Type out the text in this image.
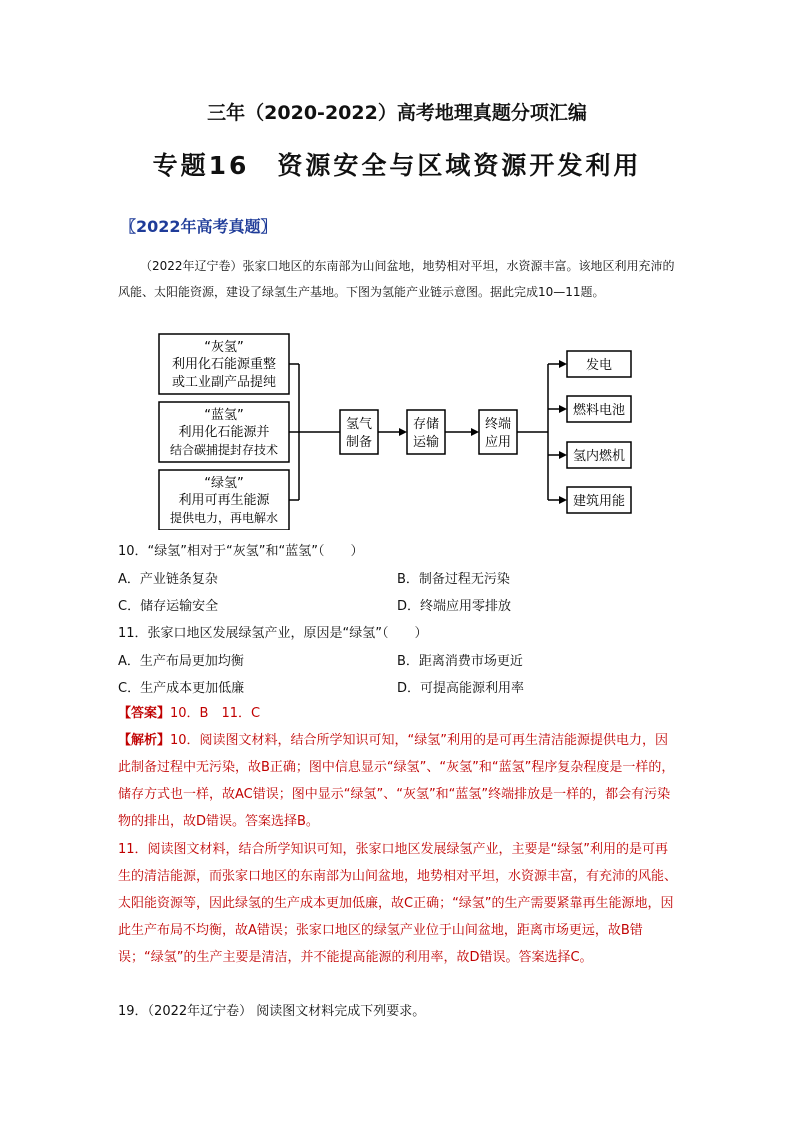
三年（2020-2022）高考地理真题分项汇编
专题16　资源安全与区域资源开发利用
〖2022年高考真题〗
（2022年辽宁卷）张家口地区的东南部为山间盆地，地势相对平坦，水资源丰富。该地区利用充沛的风能、太阳能资源，建设了绿氢生产基地。下图为氢能产业链示意图。据此完成10—11题。
“灰氢”
利用化石能源重整
或工业副产品提纯
“蓝氢”
利用化石能源并
结合碳捕提封存技术
“绿氢”
利用可再生能源
提供电力，再电解水
氢气
制备
存储
运输
终端
应用
发电
燃料电池
氢内燃机
建筑用能
10．“绿氢”相对于“灰氢”和“蓝氢”（　　）
A．产业链条复杂	B．制备过程无污染
C．储存运输安全	D．终端应用零排放
11．张家口地区发展绿氢产业，原因是“绿氢”（　　）
A．生产布局更加均衡	B．距离消费市场更近
C．生产成本更加低廉	D．可提高能源利用率
【答案】10．B　11．C
【解析】10．阅读图文材料，结合所学知识可知，“绿氢”利用的是可再生清洁能源提供电力，因此制备过程中无污染，故B正确；图中信息显示“绿氢”、“灰氢”和“蓝氢”程序复杂程度是一样的，储存方式也一样，故AC错误；图中显示“绿氢”、“灰氢”和“蓝氢”终端排放是一样的，都会有污染物的排出，故D错误。答案选择B。
11．阅读图文材料，结合所学知识可知，张家口地区发展绿氢产业，主要是“绿氢”利用的是可再生的清洁能源，而张家口地区的东南部为山间盆地，地势相对平坦，水资源丰富，有充沛的风能、太阳能资源等，因此绿氢的生产成本更加低廉，故C正确；“绿氢”的生产需要紧靠再生能源地，因此生产布局不均衡，故A错误；张家口地区的绿氢产业位于山间盆地，距离市场更远，故B错误；“绿氢”的生产主要是清洁，并不能提高能源的利用率，故D错误。答案选择C。
19．（2022年辽宁卷） 阅读图文材料完成下列要求。
